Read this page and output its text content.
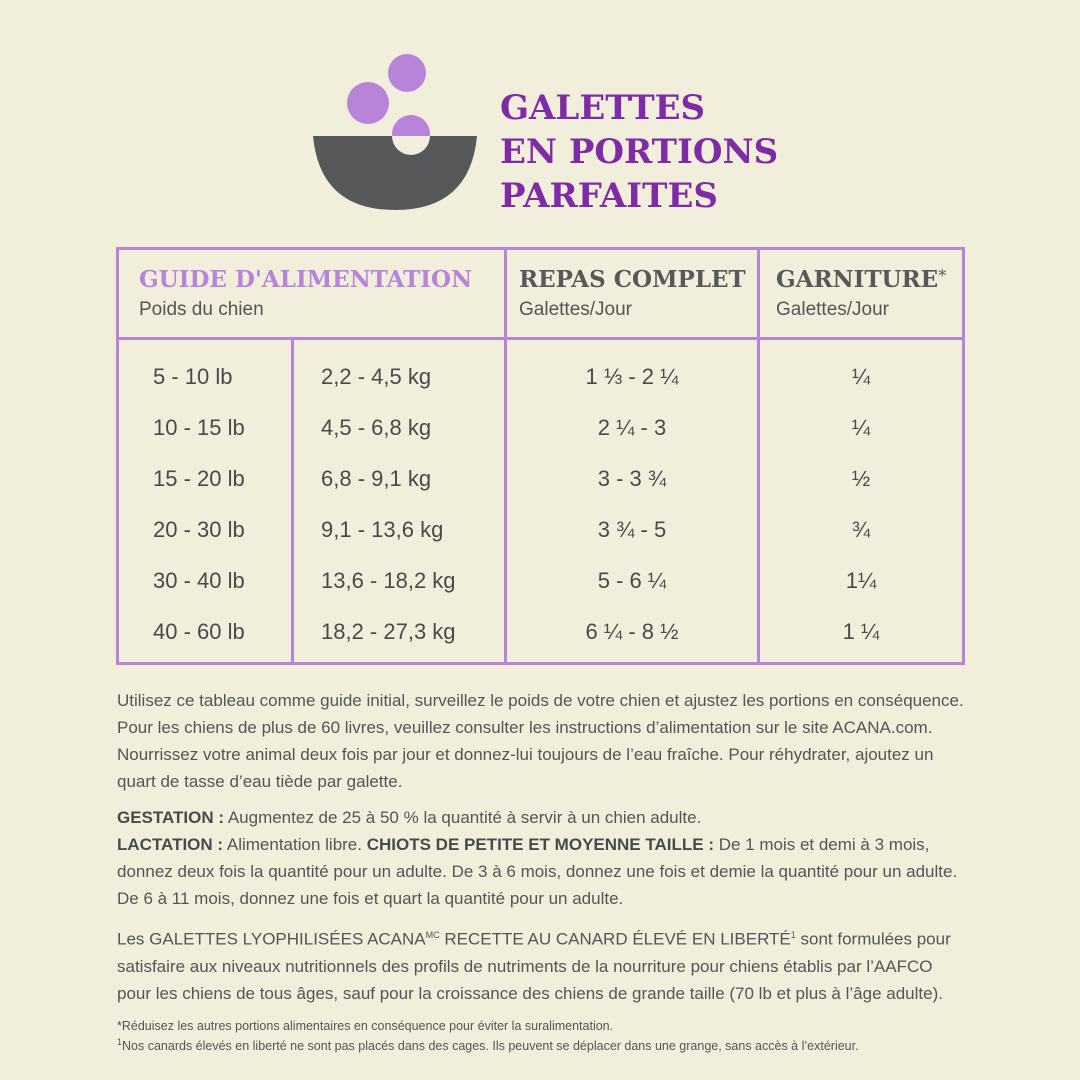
GALETTES
EN PORTIONS
PARFAITES
GUIDE D'ALIMENTATION
Poids du chien
REPAS COMPLET
Galettes/Jour
GARNITURE*
Galettes/Jour
5 - 10 lb	2,2 - 4,5 kg	1 ⅓ - 2 ¼	¼
10 - 15 lb	4,5 - 6,8 kg	2 ¼ - 3	¼
15 - 20 lb	6,8 - 9,1 kg	3 - 3 ¾	½
20 - 30 lb	9,1 - 13,6 kg	3 ¾ - 5	¾
30 - 40 lb	13,6 - 18,2 kg	5 - 6 ¼	1¼
40 - 60 lb	18,2 - 27,3 kg	6 ¼ - 8 ½	1 ¼
Utilisez ce tableau comme guide initial, surveillez le poids de votre chien et ajustez les portions en conséquence. Pour les chiens de plus de 60 livres, veuillez consulter les instructions d’alimentation sur le site ACANA.com. Nourrissez votre animal deux fois par jour et donnez-lui toujours de l’eau fraîche. Pour réhydrater, ajoutez un quart de tasse d’eau tiède par galette.
GESTATION : Augmentez de 25 à 50 % la quantité à servir à un chien adulte.
LACTATION : Alimentation libre. CHIOTS DE PETITE ET MOYENNE TAILLE : De 1 mois et demi à 3 mois, donnez deux fois la quantité pour un adulte. De 3 à 6 mois, donnez une fois et demie la quantité pour un adulte. De 6 à 11 mois, donnez une fois et quart la quantité pour un adulte.
Les GALETTES LYOPHILISÉES $ACANA^{MC}$ RECETTE AU CANARD ÉLEVÉ EN LIBERTÉ$^1$ sont formulées pour satisfaire aux niveaux nutritionnels des profils de nutriments de la nourriture pour chiens établis par l’AAFCO pour les chiens de tous âges, sauf pour la croissance des chiens de grande taille (70 lb et plus à l’âge adulte).
*Réduisez les autres portions alimentaires en conséquence pour éviter la suralimentation.
$^1$Nos canards élevés en liberté ne sont pas placés dans des cages. Ils peuvent se déplacer dans une grange, sans accès à l’extérieur.
